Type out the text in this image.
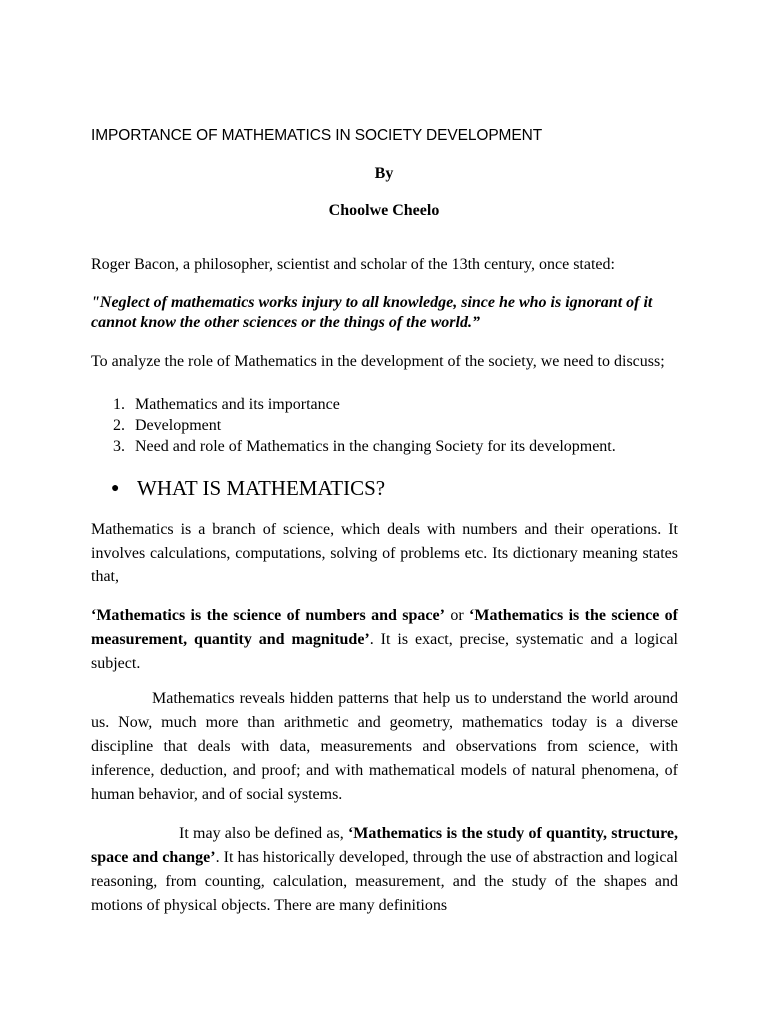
IMPORTANCE OF MATHEMATICS IN SOCIETY DEVELOPMENT

By

Choolwe Cheelo

Roger Bacon, a philosopher, scientist and scholar of the 13th century, once stated:

"Neglect of mathematics works injury to all knowledge, since he who is ignorant of it cannot know the other sciences or the things of the world.”

To analyze the role of Mathematics in the development of the society, we need to discuss;

1. Mathematics and its importance
2. Development
3. Need and role of Mathematics in the changing Society for its development.
● WHAT IS MATHEMATICS?

Mathematics is a branch of science, which deals with numbers and their operations. It involves calculations, computations, solving of problems etc. Its dictionary meaning states that,

‘Mathematics is the science of numbers and space’ or ‘Mathematics is the science of measurement, quantity and magnitude’. It is exact, precise, systematic and a logical subject.

Mathematics reveals hidden patterns that help us to understand the world around us. Now, much more than arithmetic and geometry, mathematics today is a diverse discipline that deals with data, measurements and observations from science, with inference, deduction, and proof; and with mathematical models of natural phenomena, of human behavior, and of social systems.

It may also be defined as, ‘Mathematics is the study of quantity, structure, space and change’. It has historically developed, through the use of abstraction and logical reasoning, from counting, calculation, measurement, and the study of the shapes and motions of physical objects. There are many definitions
